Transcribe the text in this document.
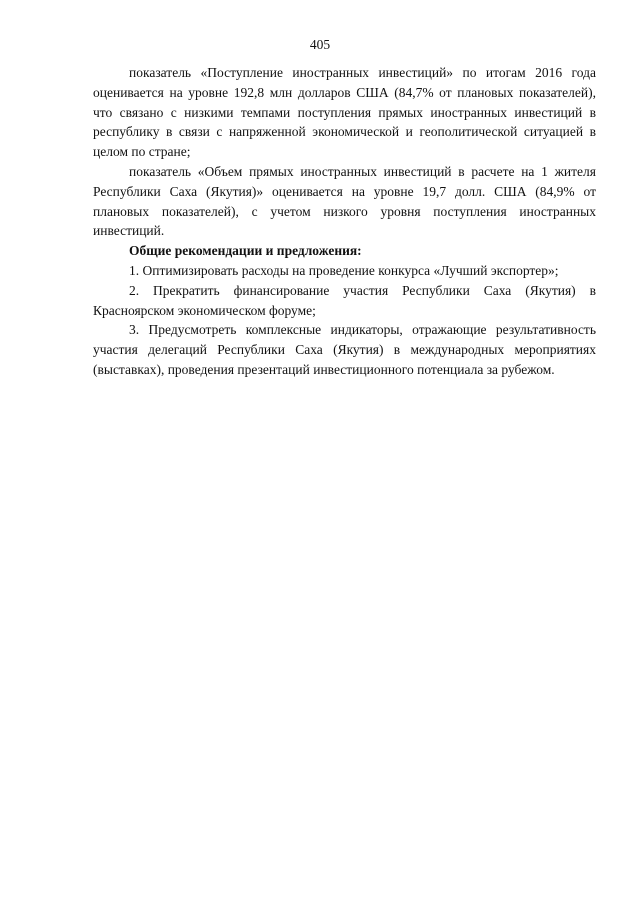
405

показатель «Поступление иностранных инвестиций» по итогам 2016 года оценивается на уровне 192,8 млн долларов США (84,7% от плановых показателей), что связано с низкими темпами поступления прямых иностранных инвестиций в республику в связи с напряженной экономической и геополитической ситуацией в целом по стране;

показатель «Объем прямых иностранных инвестиций в расчете на 1 жителя Республики Саха (Якутия)» оценивается на уровне 19,7 долл. США (84,9% от плановых показателей), с учетом низкого уровня поступления иностранных инвестиций.

Общие рекомендации и предложения:

1. Оптимизировать расходы на проведение конкурса «Лучший экспортер»;

2. Прекратить финансирование участия Республики Саха (Якутия) в Красноярском экономическом форуме;

3. Предусмотреть комплексные индикаторы, отражающие результативность участия делегаций Республики Саха (Якутия) в международных мероприятиях (выставках), проведения презентаций инвестиционного потенциала за рубежом.
